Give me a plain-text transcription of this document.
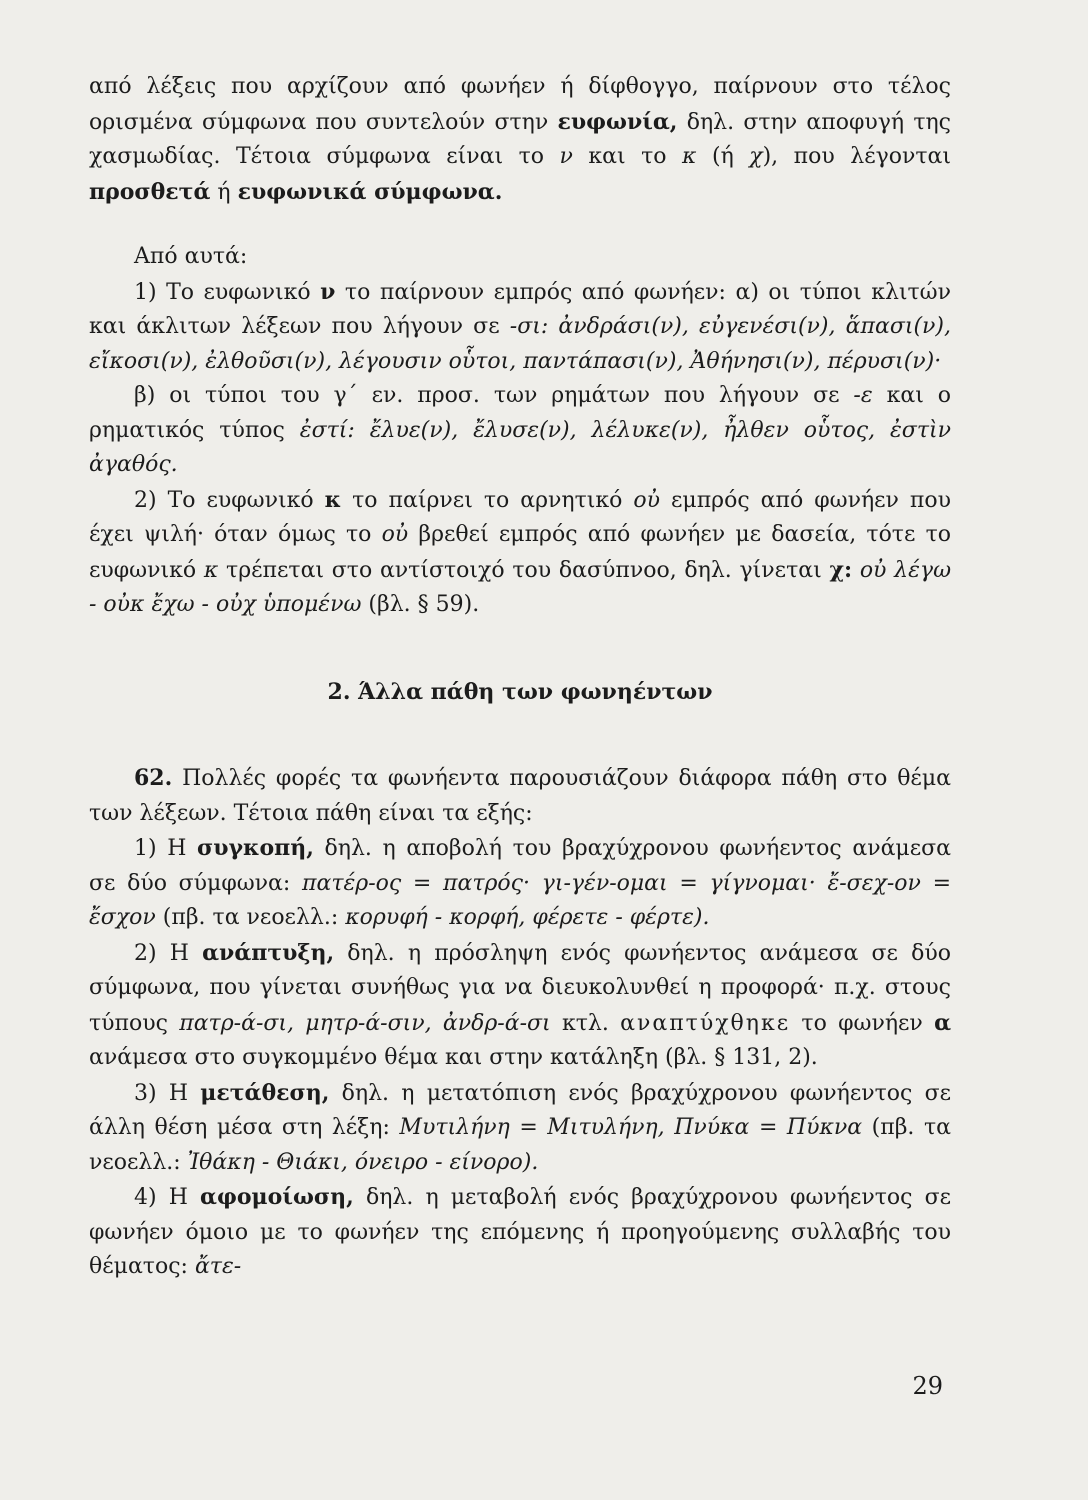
από λέξεις που αρχίζουν από φωνήεν ή δίφθογγο, παίρνουν στο τέλος ορισμένα σύμφωνα που συντελούν στην ευφωνία, δηλ. στην αποφυγή της χασμωδίας. Τέτοια σύμφωνα είναι το ν και το κ (ή χ), που λέγονται προσθετά ή ευφωνικά σύμφωνα.

Από αυτά:

1) Το ευφωνικό ν το παίρνουν εμπρός από φωνήεν: α) οι τύποι κλιτών και άκλιτων λέξεων που λήγουν σε -σι: ἀνδράσι(ν), εὐγενέσι(ν), ἅπασι(ν), εἴκοσι(ν), ἐλθοῦσι(ν), λέγουσιν οὗτοι, παντάπασι(ν), Ἀθήνησι(ν), πέρυσι(ν)·

β) οι τύποι του γ΄ εν. προσ. των ρημάτων που λήγουν σε -ε και ο ρηματικός τύπος ἐστί: ἔλυε(ν), ἔλυσε(ν), λέλυκε(ν), ἦλθεν οὗτος, ἐστὶν ἀγαθός.

2) Το ευφωνικό κ το παίρνει το αρνητικό οὐ εμπρός από φωνήεν που έχει ψιλή· όταν όμως το οὐ βρεθεί εμπρός από φωνήεν με δασεία, τότε το ευφωνικό κ τρέπεται στο αντίστοιχό του δασύπνοο, δηλ. γίνεται χ: οὐ λέγω - οὐκ ἔχω - οὐχ ὑπομένω (βλ. § 59).

2. Άλλα πάθη των φωνηέντων

62. Πολλές φορές τα φωνήεντα παρουσιάζουν διάφορα πάθη στο θέμα των λέξεων. Τέτοια πάθη είναι τα εξής:

1) Η συγκοπή, δηλ. η αποβολή του βραχύχρονου φωνήεντος ανάμεσα σε δύο σύμφωνα: πατέρ-ος = πατρός· γι-γέν-ομαι = γίγνομαι· ἔ-σεχ-ον = ἔσχον (πβ. τα νεοελλ.: κορυφή - κορφή, φέρετε - φέρτε).

2) Η ανάπτυξη, δηλ. η πρόσληψη ενός φωνήεντος ανάμεσα σε δύο σύμφωνα, που γίνεται συνήθως για να διευκολυνθεί η προφορά· π.χ. στους τύπους πατρ-ά-σι, μητρ-ά-σιν, ἀνδρ-ά-σι κτλ. αναπτύχθηκε το φωνήεν α ανάμεσα στο συγκομμένο θέμα και στην κατάληξη (βλ. § 131, 2).

3) Η μετάθεση, δηλ. η μετατόπιση ενός βραχύχρονου φωνήεντος σε άλλη θέση μέσα στη λέξη: Μυτιλήνη = Μιτυλήνη, Πνύκα = Πύκνα (πβ. τα νεοελλ.: Ἰθάκη - Θιάκι, όνειρο - είνορο).

4) Η αφομοίωση, δηλ. η μεταβολή ενός βραχύχρονου φωνήεντος σε φωνήεν όμοιο με το φωνήεν της επόμενης ή προηγούμενης συλλαβής του θέματος: ἄτε-

29
